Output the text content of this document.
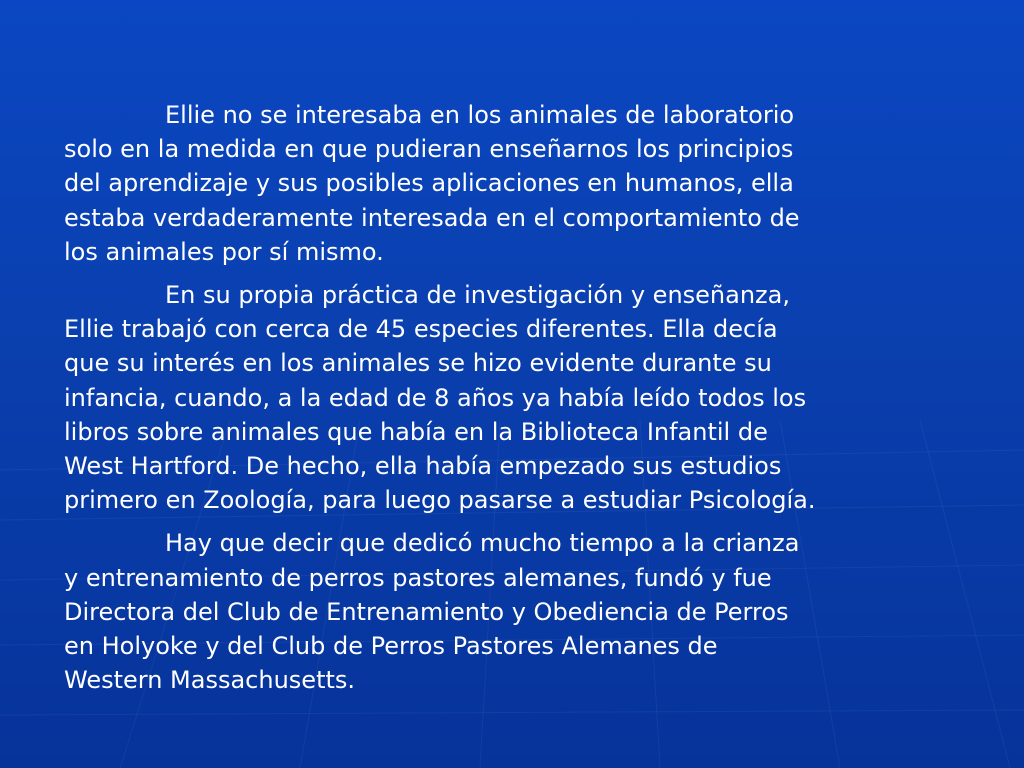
Ellie no se interesaba en los animales de laboratorio
solo en la medida en que pudieran enseñarnos los principios
del aprendizaje y sus posibles aplicaciones en humanos, ella
estaba verdaderamente interesada en el comportamiento de
los animales por sí mismo.

En su propia práctica de investigación y enseñanza,
Ellie trabajó con cerca de 45 especies diferentes. Ella decía
que su interés en los animales se hizo evidente durante su
infancia, cuando, a la edad de 8 años ya había leído todos los
libros sobre animales que había en la Biblioteca Infantil de
West Hartford. De hecho, ella había empezado sus estudios
primero en Zoología, para luego pasarse a estudiar Psicología.

Hay que decir que dedicó mucho tiempo a la crianza
y entrenamiento de perros pastores alemanes, fundó y fue
Directora del Club de Entrenamiento y Obediencia de Perros
en Holyoke y del Club de Perros Pastores Alemanes de
Western Massachusetts.
